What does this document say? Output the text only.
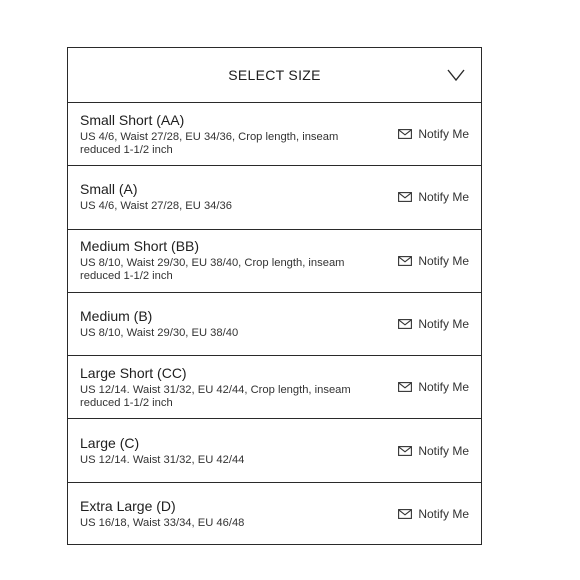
SELECT SIZE
Small Short (AA)
US 4/6, Waist 27/28, EU 34/36, Crop length, inseam reduced 1-1/2 inch
Notify Me
Small (A)
US 4/6, Waist 27/28, EU 34/36
Notify Me
Medium Short (BB)
US 8/10, Waist 29/30, EU 38/40, Crop length, inseam reduced 1-1/2 inch
Notify Me
Medium (B)
US 8/10, Waist 29/30, EU 38/40
Notify Me
Large Short (CC)
US 12/14. Waist 31/32, EU 42/44, Crop length, inseam reduced 1-1/2 inch
Notify Me
Large (C)
US 12/14. Waist 31/32, EU 42/44
Notify Me
Extra Large (D)
US 16/18, Waist 33/34, EU 46/48
Notify Me
